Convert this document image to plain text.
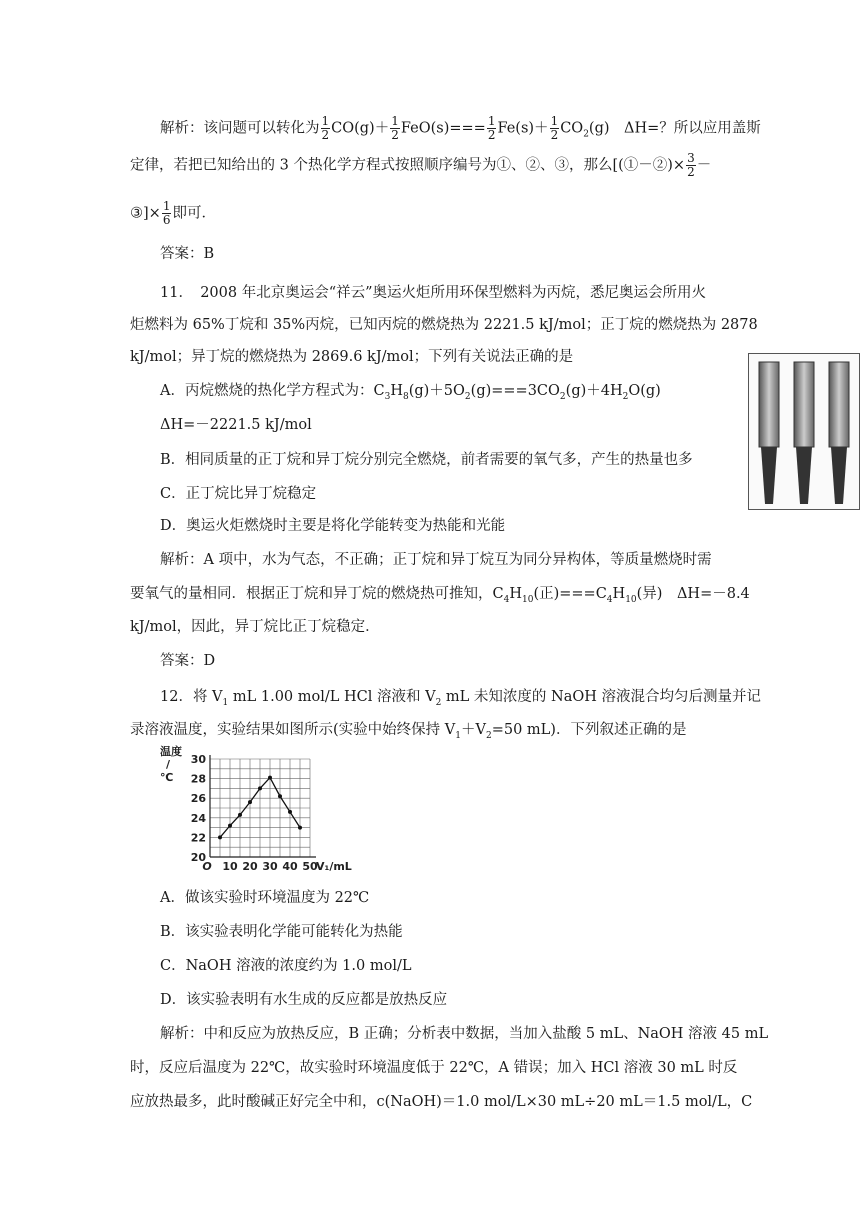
解析：该问题可以转化为 $\frac{1}{2} CO(g)+ \frac{1}{2} FeO(s)=== \frac{1}{2} Fe(s)+ \frac{1}{2} CO_2(g)$　ΔH=？所以应用盖斯
定律，若把已知给出的 3 个热化学方程式按照顺序编号为①、②、③，那么[(①－②)× $\frac{3}{2}$ －
③]× $\frac{1}{6}$ 即可．
答案：B
11．　2008 年北京奥运会“祥云”奥运火炬所用环保型燃料为丙烷，悉尼奥运会所用火
炬燃料为 65%丁烷和 35%丙烷，已知丙烷的燃烧热为 2221.5 kJ/mol；正丁烷的燃烧热为 2878
kJ/mol；异丁烷的燃烧热为 2869.6 kJ/mol；下列有关说法正确的是
A．丙烷燃烧的热化学方程式为：$C_3H_8(g)+5O_2(g)===3CO_2(g)+4H_2O(g)$
ΔH=－2221.5 kJ/mol
B．相同质量的正丁烷和异丁烷分别完全燃烧，前者需要的氧气多，产生的热量也多
C．正丁烷比异丁烷稳定
D．奥运火炬燃烧时主要是将化学能转变为热能和光能
解析：A 项中，水为气态，不正确；正丁烷和异丁烷互为同分异构体，等质量燃烧时需
要氧气的量相同．根据正丁烷和异丁烷的燃烧热可推知，$C_4H_{10}$(正)$===C_4H_{10}$(异)　ΔH=－8.4
kJ/mol，因此，异丁烷比正丁烷稳定．
答案：D
12．将 $V_1$ mL 1.00 mol/L HCl 溶液和 $V_2$ mL 未知浓度的 NaOH 溶液混合均匀后测量并记
录溶液温度，实验结果如图所示(实验中始终保持 $V_1+V_2=50$ mL)．下列叙述正确的是
20
22
24
26
28
30
10 20 30 40 50
O	V₁/mL
温度
/
℃
A．做该实验时环境温度为 22℃
B．该实验表明化学能可能转化为热能
C．NaOH 溶液的浓度约为 1.0 mol/L
D．该实验表明有水生成的反应都是放热反应
解析：中和反应为放热反应，B 正确；分析表中数据，当加入盐酸 5 mL、NaOH 溶液 45 mL
时，反应后温度为 22℃，故实验时环境温度低于 22℃，A 错误；加入 HCl 溶液 30 mL 时反
应放热最多，此时酸碱正好完全中和，c(NaOH)＝1.0 mol/L×30 mL÷20 mL＝1.5 mol/L，C
